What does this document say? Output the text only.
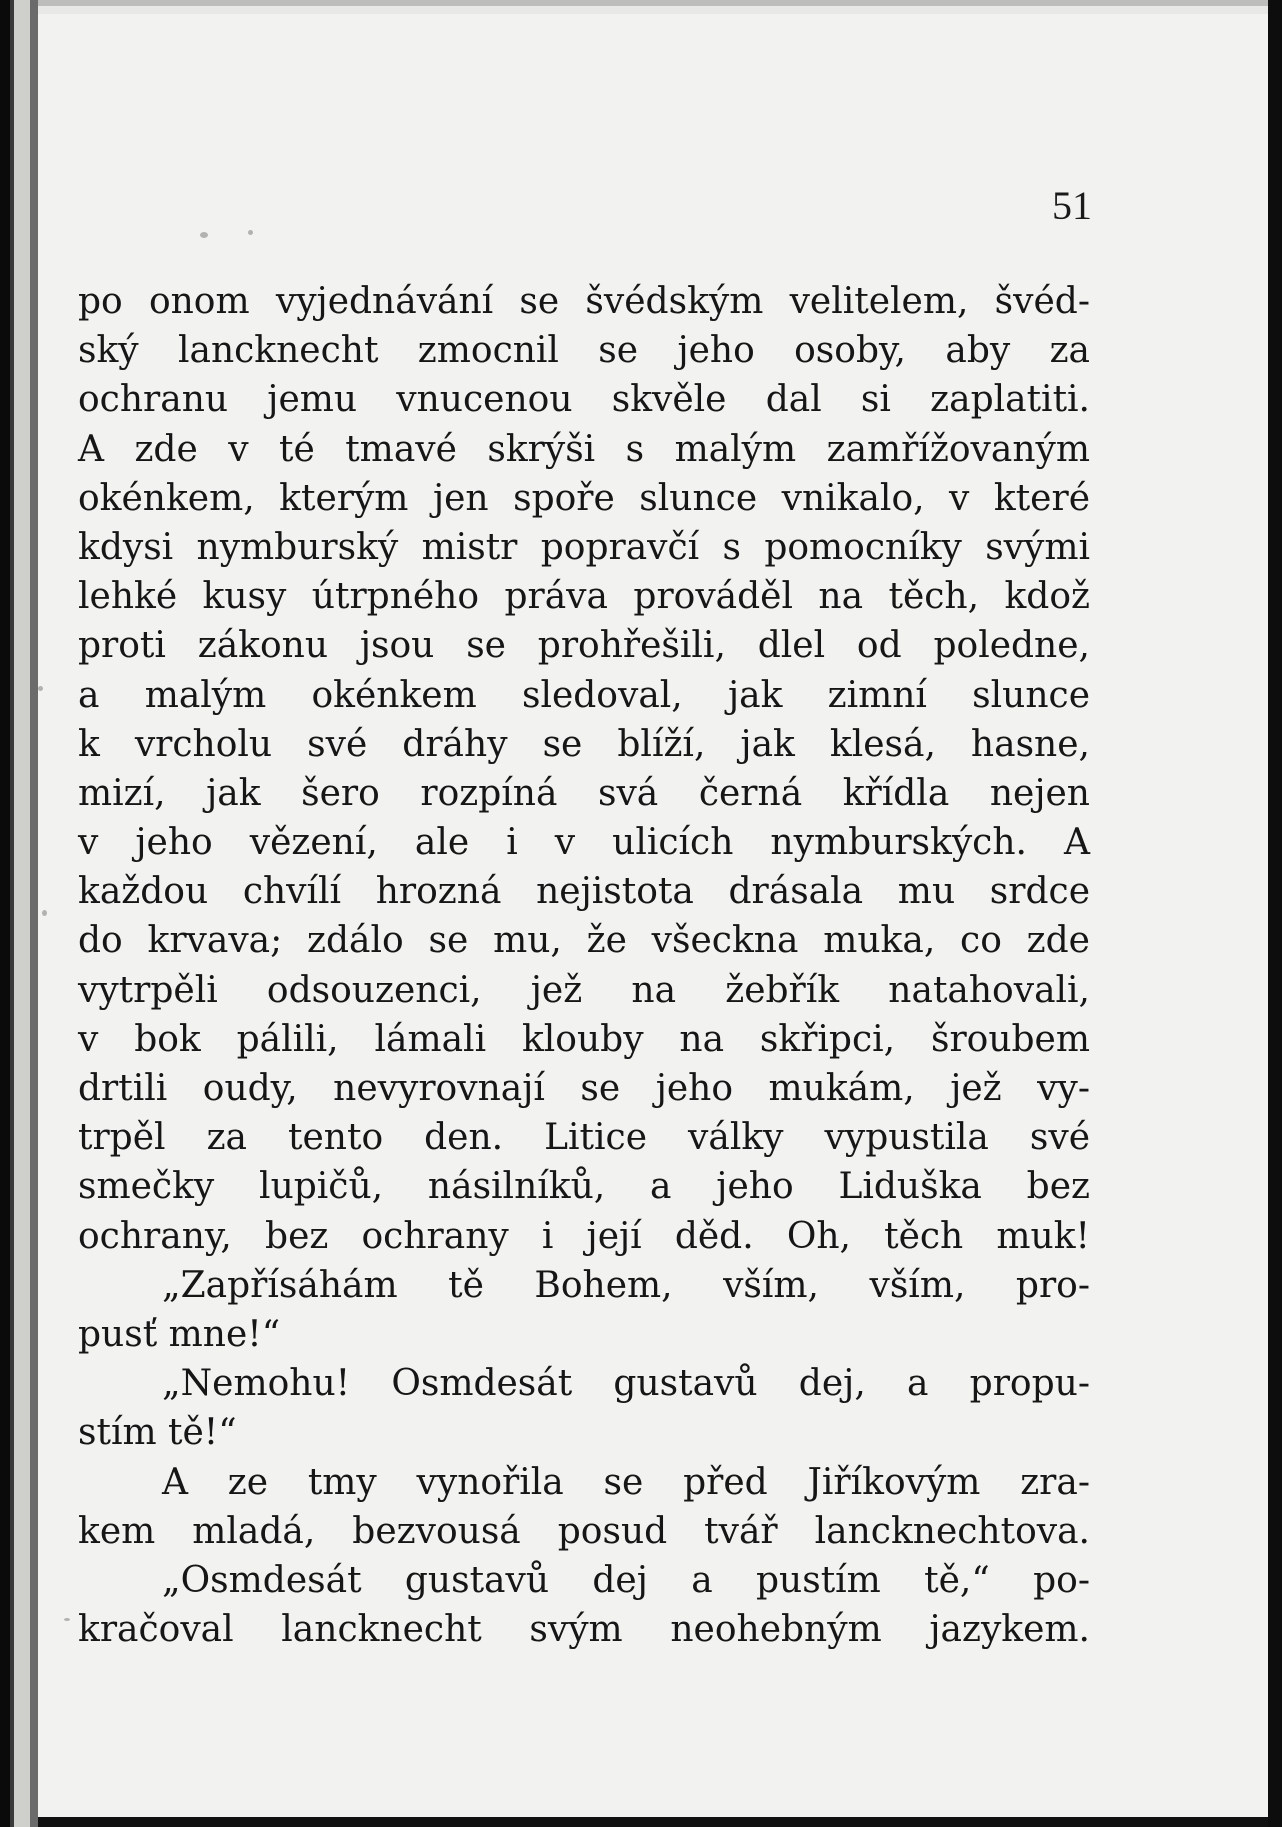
51
po onom vyjednávání se švédským velitelem, švéd-
ský lancknecht zmocnil se jeho osoby, aby za
ochranu jemu vnucenou skvěle dal si zaplatiti.
A zde v té tmavé skrýši s malým zamřížovaným
okénkem, kterým jen spoře slunce vnikalo, v které
kdysi nymburský mistr popravčí s pomocníky svými
lehké kusy útrpného práva prováděl na těch, kdož
proti zákonu jsou se prohřešili, dlel od poledne,
a malým okénkem sledoval, jak zimní slunce
k vrcholu své dráhy se blíží, jak klesá, hasne,
mizí, jak šero rozpíná svá černá křídla nejen
v jeho vězení, ale i v ulicích nymburských. A
každou chvílí hrozná nejistota drásala mu srdce
do krvava; zdálo se mu, že všeckna muka, co zde
vytrpěli odsouzenci, jež na žebřík natahovali,
v bok pálili, lámali klouby na skřipci, šroubem
drtili oudy, nevyrovnají se jeho mukám, jež vy-
trpěl za tento den. Litice války vypustila své
smečky lupičů, násilníků, a jeho Liduška bez
ochrany, bez ochrany i její děd. Oh, těch muk!
„Zapřísáhám tě Bohem, vším, vším, pro-
pusť mne!“
„Nemohu! Osmdesát gustavů dej, a propu-
stím tě!“
A ze tmy vynořila se před Jiříkovým zra-
kem mladá, bezvousá posud tvář lancknechtova.
„Osmdesát gustavů dej a pustím tě,“ po-
kračoval lancknecht svým neohebným jazykem.
